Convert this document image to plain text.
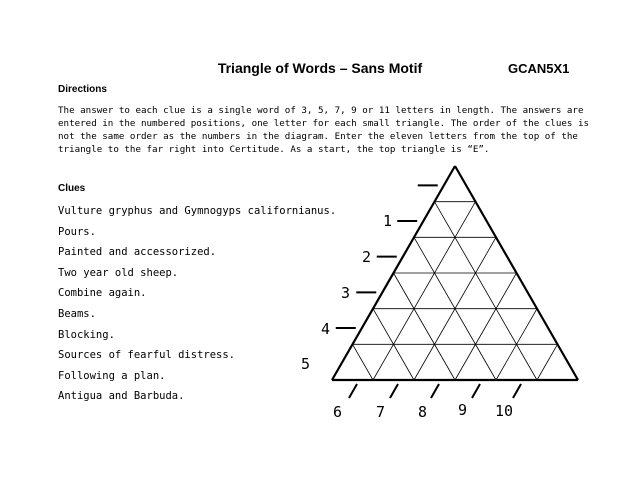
Triangle of Words – Sans Motif	GCAN5X1
Directions
The answer to each clue is a single word of 3, 5, 7, 9 or 11 letters in length. The answers are entered in the numbered positions, one letter for each small triangle. The order of the clues is not the same order as the numbers in the diagram. Enter the eleven letters from the top of the triangle to the far right into Certitude. As a start, the top triangle is “E”.
Clues
Vulture gryphus and Gymnogyps californianus.
Pours.
Painted and accessorized.
Two year old sheep.
Combine again.
Beams.
Blocking.
Sources of fearful distress.
Following a plan.
Antigua and Barbuda.
1
2
3
4
5
6 7 8 9 10
